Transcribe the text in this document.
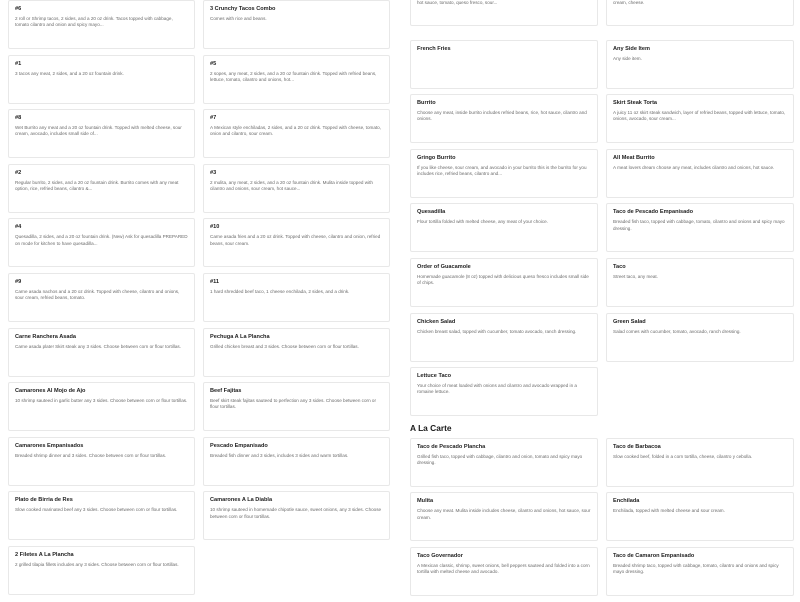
#6
2 roll or Shrimp tacos, 2 sides, and a 20 oz drink. Tacos topped with cabbage, tomato cilantro and onion and spicy mayo...
3 Crunchy Tacos Combo
Comes with rice and beans.
#1
3 tacos any meat, 2 sides, and a 20 oz fountain drink.
#5
2 sopes, any meat, 2 sides, and a 20 oz fountain drink. Topped with refried beans, lettuce, tomato, cilantro and onions, hot...
#8
Wet Burrito any meat and a 20 oz fountain drink. Topped with melted cheese, sour cream, avocado, includes small side of...
#7
A Mexican style enchiladas, 2 sides, and a 20 oz drink. Topped with cheese, tomato, onion and cilantro, sour cream.
#2
Regular burrito, 2 sides, and a 20 oz fountain drink. Burrito comes with any meat option, rice, refried beans, cilantro &...
#3
2 mulita, any meat, 2 sides, and a 20 oz fountain drink. Mulita inside topped with cilantro and onions, sour cream, hot sauce...
#4
Quesadilla, 2 sides, and a 20 oz fountain drink. (New) Ask for quesadilla PREPARED on mode for kitchen to have quesadilla...
#10
Carne asada fries and a 20 oz drink. Topped with cheese, cilantro and onion, refried beans, sour cream.
#9
Carne asada nachos and a 20 oz drink. Topped with cheese, cilantro and onions, sour cream, refried beans, tomato.
#11
1 hard shredded beef taco, 1 cheese enchilada, 2 sides, and a drink.
Carne Ranchera Asada
Carne asada plate! Skirt steak any 3 sides. Choose between corn or flour tortillas.
Pechuga A La Plancha
Grilled chicken breast and 3 sides. Choose between corn or flour tortillas.
Camarones Al Mojo de Ajo
10 shrimp sauteed in garlic butter any 3 sides. Choose between corn or flour tortillas.
Beef Fajitas
Beef skirt steak fajitas sauteed to perfection any 3 sides. Choose between corn or flour tortillas.
Camarones Empanisados
Breaded shrimp dinner and 3 sides. Choose between corn or flour tortillas.
Pescado Empanisado
Breaded fish dinner and 3 sides, includes 3 sides and warm tortillas.
Plato de Birria de Res
Slow cooked marinated beef any 3 sides. Choose between corn or flour tortillas.
Camarones A La Diabla
10 shrimp sauteed in homemade chipotle sauce, sweet onions, any 3 sides. Choose between corn or flour tortillas.
2 Filetes A La Plancha
2 grilled tilapia fillets includes any 3 sides. Choose between corn or flour tortillas.
hot sauce, tomato, queso fresco, sour...	cream, cheese.
French Fries	Any Side Item
Any side item.
Burrito
Choose any meat, inside burrito includes refried beans, rice, hot sauce, cilantro and onions.
Skirt Steak Torta
A juicy 11 oz skirt steak sandwich, layer of refried beans, topped with lettuce, tomato, onions, avocado, sour cream...
Gringo Burrito
If you like cheese, sour cream, and avocado in your burrito this is the burrito for you includes rice, refried beans, cilantro and...
All Meat Burrito
A meat lovers dream choose any meat, includes cilantro and onions, hot sauce.
Quesadilla
Flour tortilla folded with melted cheese, any meat of your choice.
Taco de Pescado Empanisado
Breaded fish taco, topped with cabbage, tomato, cilantro and onions and spicy mayo dressing.
Order of Guacamole
Homemade guacamole (8 oz) topped with delicious queso fresco includes small side of chips.
Taco
Street taco, any meat.
Chicken Salad
Chicken breast salad, topped with cucumber, tomato avocado, ranch dressing.
Green Salad
Salad comes with cucumber, tomato, avocado, ranch dressing.
Lettuce Taco
Your choice of meat loaded with onions and cilantro and avocado wrapped in a romaine lettuce.
A La Carte
Taco de Pescado Plancha
Grilled fish taco, topped with cabbage, cilantro and onion, tomato and spicy mayo dressing.
Taco de Barbacoa
Slow cooked beef, folded in a corn tortilla, cheese, cilantro y cebolla.
Mulita
Choose any meat. Mulita inside includes cheese, cilantro and onions, hot sauce, sour cream.
Enchilada
Enchilada, topped with melted cheese and sour cream.
Taco Governador
A Mexican classic, shrimp, sweet onions, bell peppers sauteed and folded into a corn tortilla with melted cheese and avocado.
Taco de Camaron Empanisado
Breaded shrimp taco, topped with cabbage, tomato, cilantro and onions and spicy mayo dressing.
